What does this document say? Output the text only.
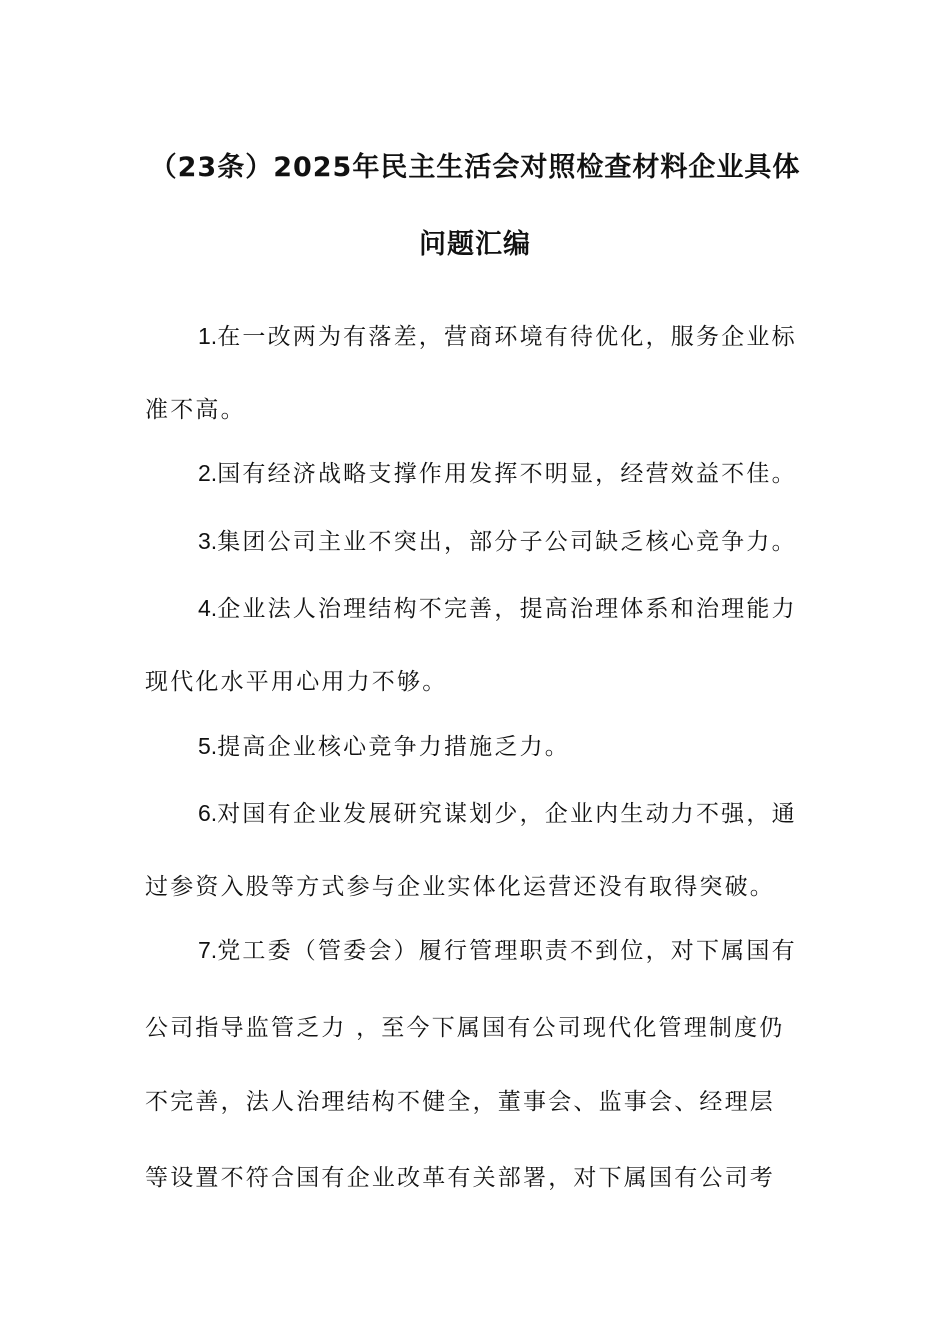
（23条）2025年民主生活会对照检查材料企业具体
问题汇编
1.在一改两为有落差，营商环境有待优化，服务企业标
准不高。
2.国有经济战略支撑作用发挥不明显，经营效益不佳。
3.集团公司主业不突出，部分子公司缺乏核心竞争力。
4.企业法人治理结构不完善，提高治理体系和治理能力
现代化水平用心用力不够。
5.提高企业核心竞争力措施乏力。
6.对国有企业发展研究谋划少，企业内生动力不强，通
过参资入股等方式参与企业实体化运营还没有取得突破。
7.党工委（管委会）履行管理职责不到位，对下属国有
公司指导监管乏力 ，至今下属国有公司现代化管理制度仍
不完善，法人治理结构不健全，董事会、监事会、经理层
等设置不符合国有企业改革有关部署，对下属国有公司考
